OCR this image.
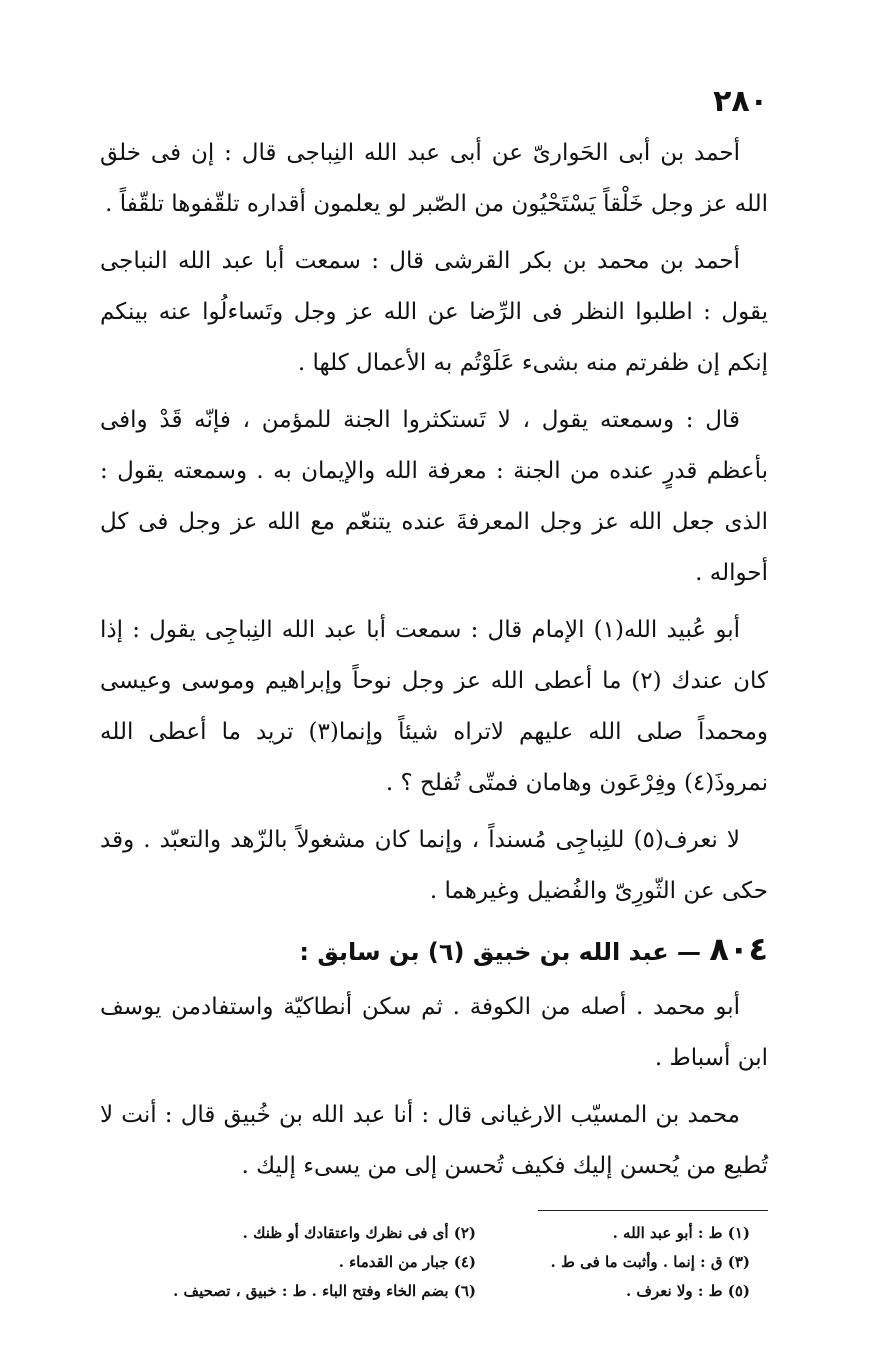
٢٨٠

أحمد بن أبى الحَوارىّ عن أبى عبد الله النِباجى قال : إن فى خلق الله عز وجل خَلْقاً يَسْتَحْيُون من الصّبر لو يعلمون أقداره تلقّفوها تلقّفاً .

أحمد بن محمد بن بكر القرشى قال : سمعت أبا عبد الله النباجى يقول : اطلبوا النظر فى الرِّضا عن الله عز وجل وتَساءلُوا عنه بينكم إنكم إن ظفرتم منه بشىء عَلَوْتُم به الأعمال كلها .

قال : وسمعته يقول ، لا تَستكثروا الجنة للمؤمن ، فإنّه قَدْ وافى بأعظم قدرٍ عنده من الجنة : معرفة الله والإيمان به . وسمعته يقول : الذى جعل الله عز وجل المعرفةَ عنده يتنعّم مع الله عز وجل فى كل أحواله .

أبو عُبيد الله(١) الإمام قال : سمعت أبا عبد الله النِباجِى يقول : إذا كان عندك (٢) ما أعطى الله عز وجل نوحاً وإبراهيم وموسى وعيسى ومحمداً صلى الله عليهم لاتراه شيئاً وإنما(٣) تريد ما أعطى الله نمروذَ(٤) وفِرْعَون وهامان فمتّى تُفلح ؟ .

لا نعرف(٥) للنِباجِى مُسنداً ، وإنما كان مشغولاً بالزّهد والتعبّد . وقد حكى عن الثّورِىّ والفُضيل وغيرهما .

٨٠٤ — عبد الله بن خبيق (٦) بن سابق :

أبو محمد . أصله من الكوفة . ثم سكن أنطاكيّة واستفادمن يوسف ابن أسباط .

محمد بن المسيّب الارغيانى قال : أنا عبد الله بن خُبيق قال : أنت لا تُطيع من يُحسن إليك فكيف تُحسن إلى من يسىء إليك .

(١) ط : أبو عبد الله .
(٢) أى فى نظرك واعتقادك أو ظنك .
(٣) ق : إنما . وأثبت ما فى ط .
(٤) جبار من القدماء .
(٥) ط : ولا نعرف .
(٦) بضم الخاء وفتح الباء . ط : خبيق ، تصحيف .
